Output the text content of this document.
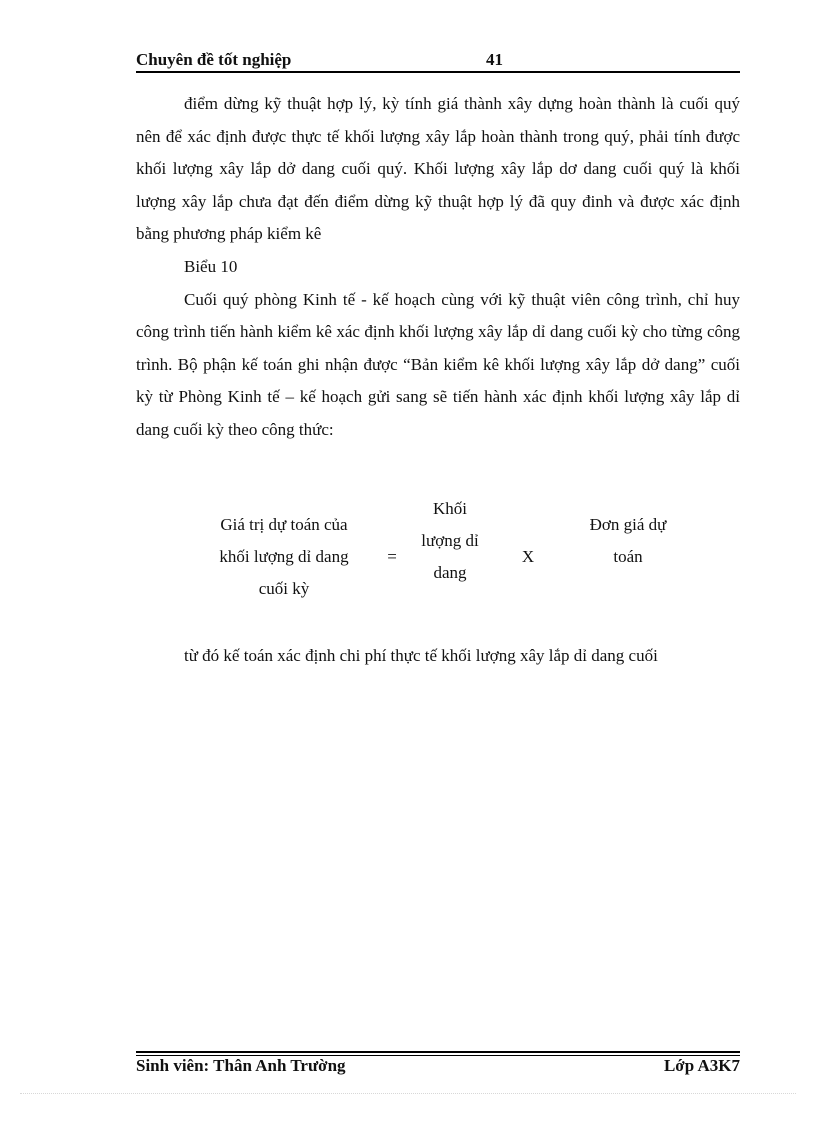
Chuyên đề tốt nghiệp	41

điểm dừng kỹ thuật hợp lý, kỳ tính giá thành xây dựng hoàn thành là cuối quý nên để xác định được thực tế khối lượng xây lắp hoàn thành trong quý, phải tính được khối lượng xây lắp dở dang cuối quý. Khối lượng xây lắp dơ dang cuối quý là khối lượng xây lắp chưa đạt đến điểm dừng kỹ thuật hợp lý đã quy đinh và được xác định bằng phương pháp kiểm kê

Biểu 10

Cuối quý phòng Kinh tế - kế hoạch cùng với kỹ thuật viên công trình, chỉ huy công trình tiến hành kiểm kê xác định khối lượng xây lắp dỉ dang cuối kỳ cho từng công trình. Bộ phận kế toán ghi nhận được “Bản kiểm kê khối lượng xây lắp dở dang” cuối kỳ từ Phòng Kinh tế – kế hoạch gửi sang sẽ tiến hành xác định khối lượng xây lắp dỉ dang cuối kỳ theo công thức:

Giá trị dự toán của
khối lượng dỉ dang
cuối kỳ
=
Khối
lượng dỉ
dang
X
Đơn giá dự
toán
từ đó kế toán xác định chi phí thực tế khối lượng xây lắp dỉ dang cuối
Sinh viên: Thân Anh Trường	Lớp A3K7
